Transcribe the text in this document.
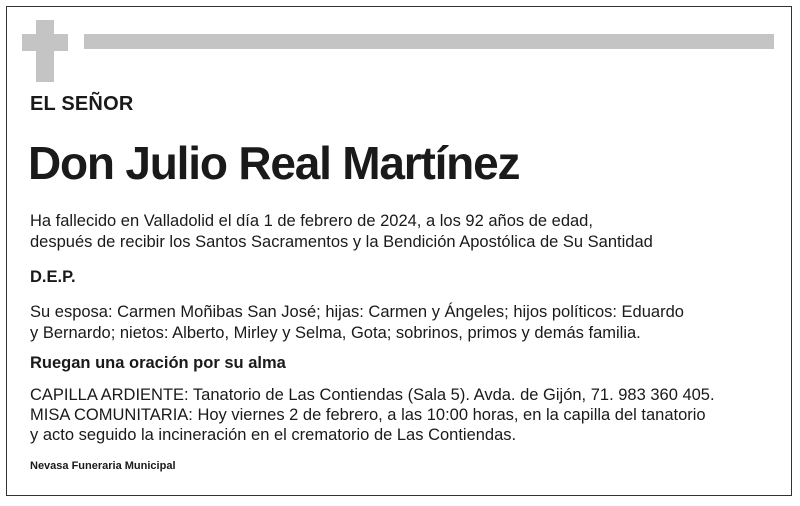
EL SEÑOR
Don Julio Real Martínez
Ha fallecido en Valladolid el día 1 de febrero de 2024, a los 92 años de edad,
después de recibir los Santos Sacramentos y la Bendición Apostólica de Su Santidad
D.E.P.
Su esposa: Carmen Moñibas San José; hijas: Carmen y Ángeles; hijos políticos: Eduardo
y Bernardo; nietos: Alberto, Mirley y Selma, Gota; sobrinos, primos y demás familia.
Ruegan una oración por su alma
CAPILLA ARDIENTE: Tanatorio de Las Contiendas (Sala 5). Avda. de Gijón, 71. 983 360 405.
MISA COMUNITARIA: Hoy viernes 2 de febrero, a las 10:00 horas, en la capilla del tanatorio
y acto seguido la incineración en el crematorio de Las Contiendas.
Nevasa Funeraria Municipal
